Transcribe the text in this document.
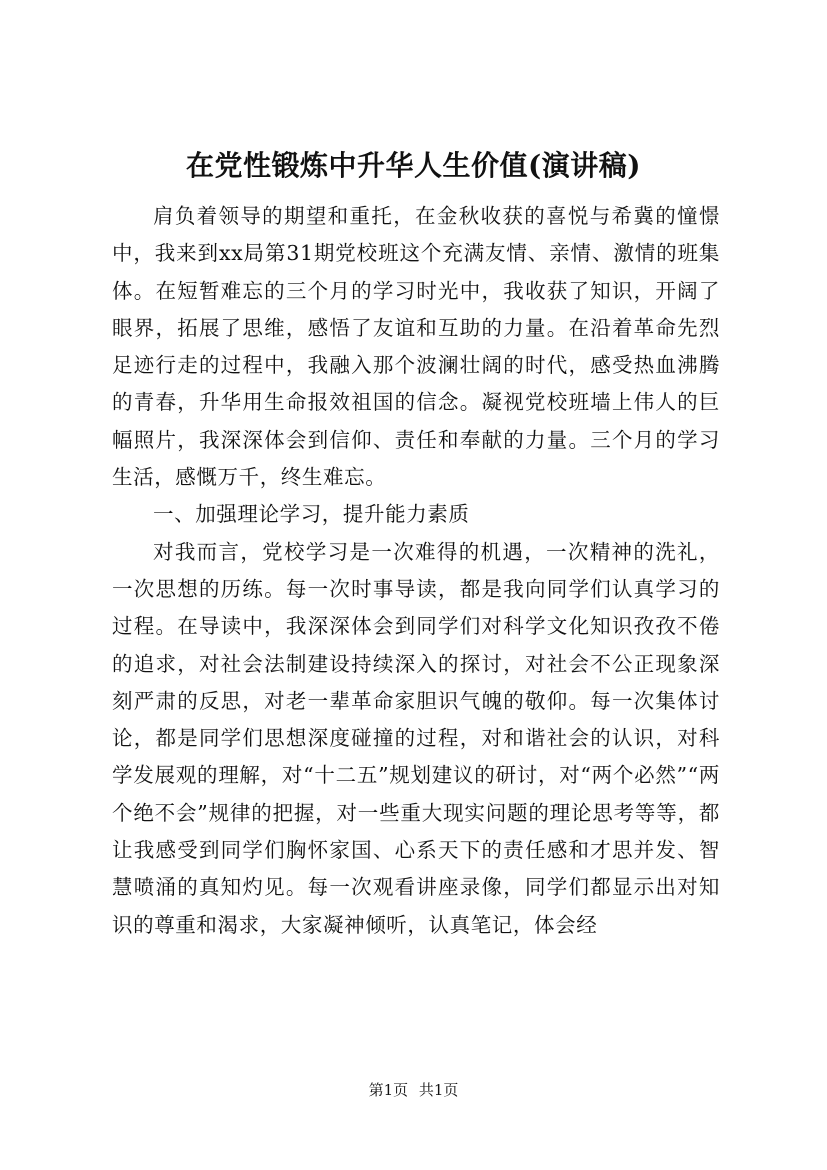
在党性锻炼中升华人生价值(演讲稿)

肩负着领导的期望和重托，在金秋收获的喜悦与希冀的憧憬中，我来到xx局第31期党校班这个充满友情、亲情、激情的班集体。在短暂难忘的三个月的学习时光中，我收获了知识，开阔了眼界，拓展了思维，感悟了友谊和互助的力量。在沿着革命先烈足迹行走的过程中，我融入那个波澜壮阔的时代，感受热血沸腾的青春，升华用生命报效祖国的信念。凝视党校班墙上伟人的巨幅照片，我深深体会到信仰、责任和奉献的力量。三个月的学习生活，感慨万千，终生难忘。

一、加强理论学习，提升能力素质

对我而言，党校学习是一次难得的机遇，一次精神的洗礼，一次思想的历练。每一次时事导读，都是我向同学们认真学习的过程。在导读中，我深深体会到同学们对科学文化知识孜孜不倦的追求，对社会法制建设持续深入的探讨，对社会不公正现象深刻严肃的反思，对老一辈革命家胆识气魄的敬仰。每一次集体讨论，都是同学们思想深度碰撞的过程，对和谐社会的认识，对科学发展观的理解，对“十二五”规划建议的研讨，对“两个必然”“两个绝不会”规律的把握，对一些重大现实问题的理论思考等等，都让我感受到同学们胸怀家国、心系天下的责任感和才思并发、智慧喷涌的真知灼见。每一次观看讲座录像，同学们都显示出对知识的尊重和渴求，大家凝神倾听，认真笔记，体会经

第1页 共1页
